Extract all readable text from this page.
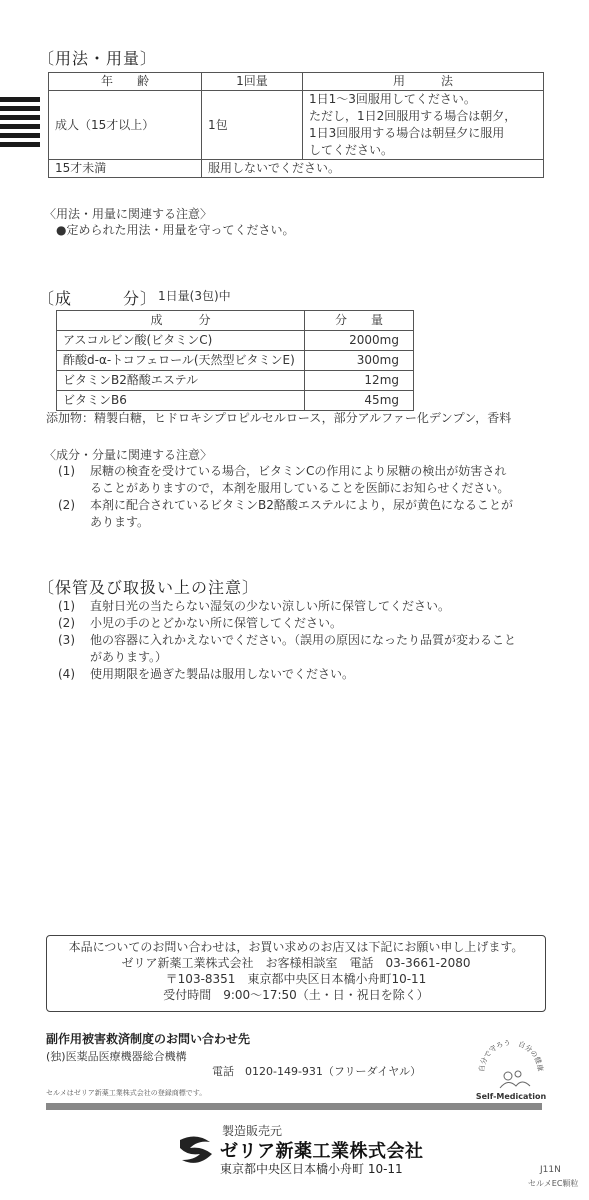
〔用法・用量〕
年　　齢	1回量	用　　　法
成人（15才以上）	1包	1日1～3回服用してください。
ただし，1日2回服用する場合は朝夕，
1日3回服用する場合は朝昼夕に服用
してください。

15才未満	服用しないでください。	
〈用法・用量に関連する注意〉
●定められた用法・用量を守ってください。
〔成　　　分〕 1日量(3包)中
成　　　分	分　　量
アスコルビン酸(ビタミンC)	2000mg
酢酸d-α-トコフェロール(天然型ビタミンE)	300mg
ビタミンB2酪酸エステル	12mg
ビタミンB6	45mg
添加物：精製白糖，ヒドロキシプロピルセルロース，部分アルファー化デンプン，香料
〈成分・分量に関連する注意〉
(1) 尿糖の検査を受けている場合，ビタミンCの作用により尿糖の検出が妨害され
ることがありますので，本剤を服用していることを医師にお知らせください。
(2) 本剤に配合されているビタミンB2酪酸エステルにより，尿が黄色になることが
あります。
〔保管及び取扱い上の注意〕
(1) 直射日光の当たらない湿気の少ない涼しい所に保管してください。
(2) 小児の手のとどかない所に保管してください。
(3) 他の容器に入れかえないでください。（誤用の原因になったり品質が変わること
があります。）
(4) 使用期限を過ぎた製品は服用しないでください。
本品についてのお問い合わせは，お買い求めのお店又は下記にお願い申し上げます。
ゼリア新薬工業株式会社　お客様相談室　電話　03-3661-2080
〒103-8351　東京都中央区日本橋小舟町10-11
受付時間　9:00～17:50（土・日・祝日を除く）
副作用被害救済制度のお問い合わせ先
(独)医薬品医療機器総合機構
電話　0120-149-931（フリーダイヤル）
セルメはゼリア新薬工業株式会社の登録商標です。
自分で守ろう　自分の健康
Self-Medication
製造販売元
ゼリア新薬工業株式会社
東京都中央区日本橋小舟町 10-11	J11N
セルメEC顆粒
